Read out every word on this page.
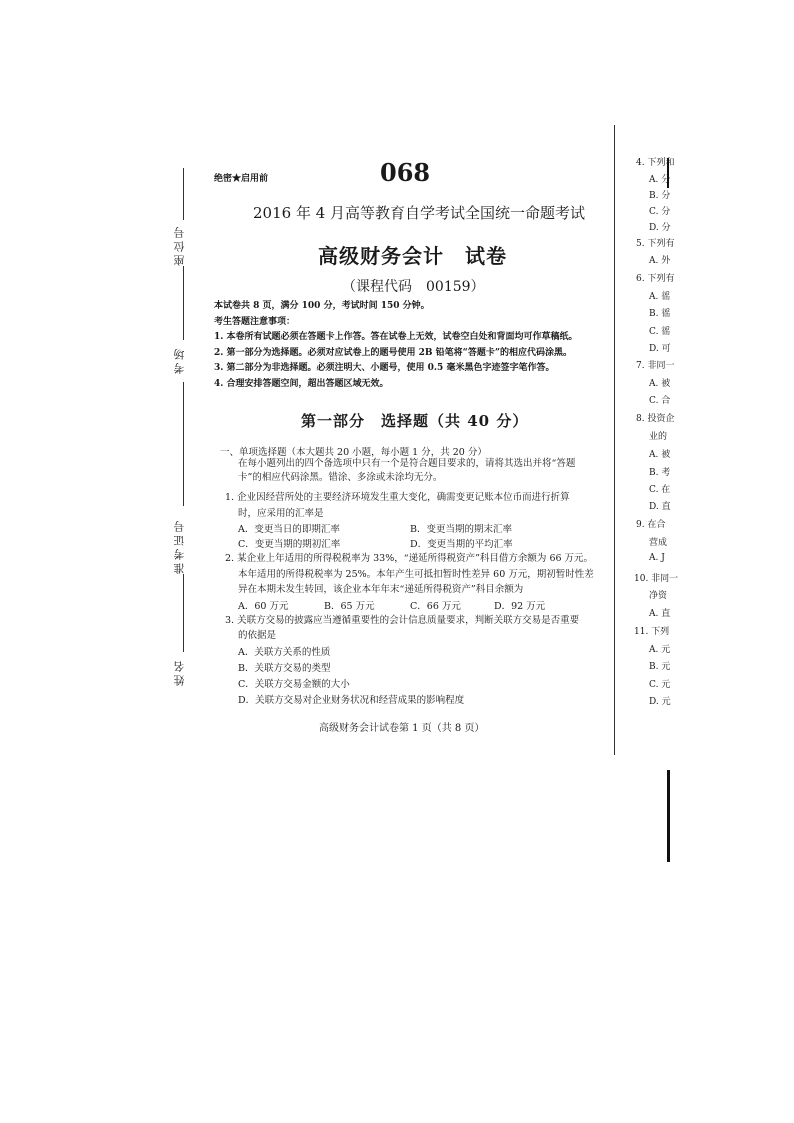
座位号
考场
准考证号
姓名
绝密★启用前	068
2016 年 4 月高等教育自学考试全国统一命题考试
高级财务会计　试卷
（课程代码　00159）
本试卷共 8 页，满分 100 分，考试时间 150 分钟。
考生答题注意事项：
1. 本卷所有试题必须在答题卡上作答。答在试卷上无效，试卷空白处和背面均可作草稿纸。
2. 第一部分为选择题。必须对应试卷上的题号使用 2B 铅笔将“答题卡”的相应代码涂黑。
3. 第二部分为非选择题。必须注明大、小题号，使用 0.5 毫米黑色字迹签字笔作答。
4. 合理安排答题空间，超出答题区域无效。
第一部分　选择题（共 40 分）
一、单项选择题（本大题共 20 小题，每小题 1 分，共 20 分）
在每小题列出的四个备选项中只有一个是符合题目要求的，请将其选出并将“答题
卡”的相应代码涂黑。错涂、多涂或未涂均无分。
1. 企业因经营所处的主要经济环境发生重大变化，确需变更记账本位币而进行折算
时，应采用的汇率是
A．变更当日的即期汇率	B．变更当期的期末汇率
C．变更当期的期初汇率	D．变更当期的平均汇率
2. 某企业上年适用的所得税税率为 33%，“递延所得税资产”科目借方余额为 66 万元。
本年适用的所得税税率为 25%。本年产生可抵扣暂时性差异 60 万元，期初暂时性差
异在本期未发生转回，该企业本年年末“递延所得税资产”科目余额为
A．60 万元	B．65 万元	C．66 万元	D．92 万元
3. 关联方交易的披露应当遵循重要性的会计信息质量要求，判断关联方交易是否重要
的依据是
A．关联方关系的性质
B．关联方交易的类型
C．关联方交易金额的大小
D．关联方交易对企业财务状况和经营成果的影响程度
高级财务会计试卷第 1 页（共 8 页）
4. 下列和
A. 分
B. 分
C. 分
D. 分
5. 下列有
A. 外
6. 下列有
A. 徭
B. 徭
C. 徭
D. 可
7. 非同一
A. 被
C. 合
8. 投资企
业的
A. 被
B. 考
C. 在
D. 直
9. 在合
营成
A. J
10. 非同一
净资
A. 直
11. 下列
A. 元
B. 元
C. 元
D. 元
